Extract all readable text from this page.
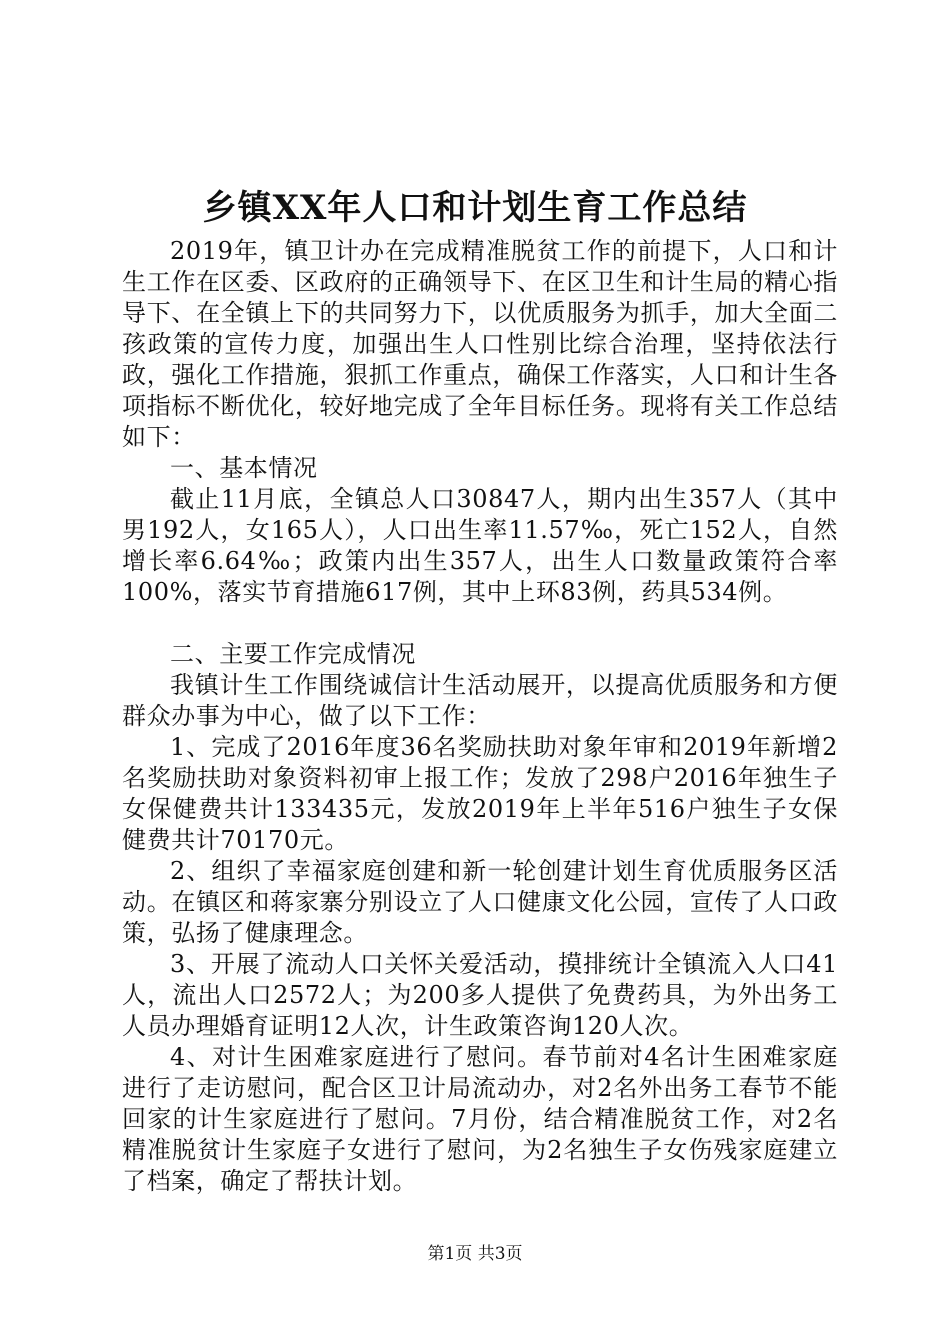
乡镇XX年人口和计划生育工作总结

2019年，镇卫计办在完成精准脱贫工作的前提下，人口和计生工作在区委、区政府的正确领导下、在区卫生和计生局的精心指导下、在全镇上下的共同努力下，以优质服务为抓手，加大全面二孩政策的宣传力度，加强出生人口性别比综合治理，坚持依法行政，强化工作措施，狠抓工作重点，确保工作落实，人口和计生各项指标不断优化，较好地完成了全年目标任务。现将有关工作总结如下：

一、基本情况

截止11月底，全镇总人口30847人，期内出生357人（其中男192人，女165人），人口出生率11.57‰，死亡152人，自然增长率6.64‰；政策内出生357人，出生人口数量政策符合率100%，落实节育措施617例，其中上环83例，药具534例。

二、主要工作完成情况

我镇计生工作围绕诚信计生活动展开，以提高优质服务和方便群众办事为中心，做了以下工作：

1、完成了2016年度36名奖励扶助对象年审和2019年新增2名奖励扶助对象资料初审上报工作；发放了298户2016年独生子女保健费共计133435元，发放2019年上半年516户独生子女保健费共计70170元。

2、组织了幸福家庭创建和新一轮创建计划生育优质服务区活动。在镇区和蒋家寨分别设立了人口健康文化公园，宣传了人口政策，弘扬了健康理念。

3、开展了流动人口关怀关爱活动，摸排统计全镇流入人口41人，流出人口2572人；为200多人提供了免费药具，为外出务工人员办理婚育证明12人次，计生政策咨询120人次。

4、对计生困难家庭进行了慰问。春节前对4名计生困难家庭进行了走访慰问，配合区卫计局流动办，对2名外出务工春节不能回家的计生家庭进行了慰问。7月份，结合精准脱贫工作，对2名精准脱贫计生家庭子女进行了慰问，为2名独生子女伤残家庭建立了档案，确定了帮扶计划。

第1页 共3页
